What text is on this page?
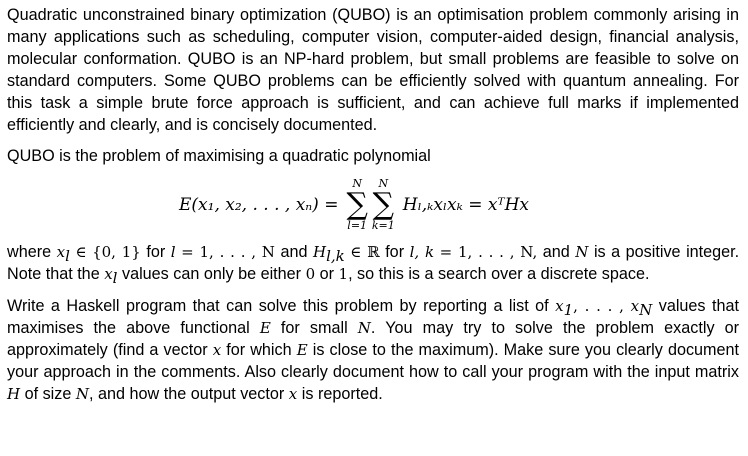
Quadratic unconstrained binary optimization (QUBO) is an optimisation problem commonly arising in many applications such as scheduling, computer vision, computer-aided design, financial analysis, molecular conformation. QUBO is an NP-hard problem, but small problems are feasible to solve on standard computers. Some QUBO problems can be efficiently solved with quantum annealing. For this task a simple brute force approach is sufficient, and can achieve full marks if implemented efficiently and clearly, and is concisely documented.

QUBO is the problem of maximising a quadratic polynomial

E(x₁, x₂, . . . , xₙ) =
N
∑
l=1
N
∑
k=1
Hₗ,ₖxₗxₖ = xᵀHx

where $x_l$ ∈ {0, 1} for l = 1, . . . , N and $H_{l,k}$ ∈ ℝ for l, k = 1, . . . , N, and N is a positive integer. Note that the $x_l$ values can only be either 0 or 1, so this is a search over a discrete space.

Write a Haskell program that can solve this problem by reporting a list of $x_1$, . . . , $x_N$ values that maximises the above functional E for small N. You may try to solve the problem exactly or approximately (find a vector x for which E is close to the maximum). Make sure you clearly document your approach in the comments. Also clearly document how to call your program with the input matrix H of size N, and how the output vector x is reported.
